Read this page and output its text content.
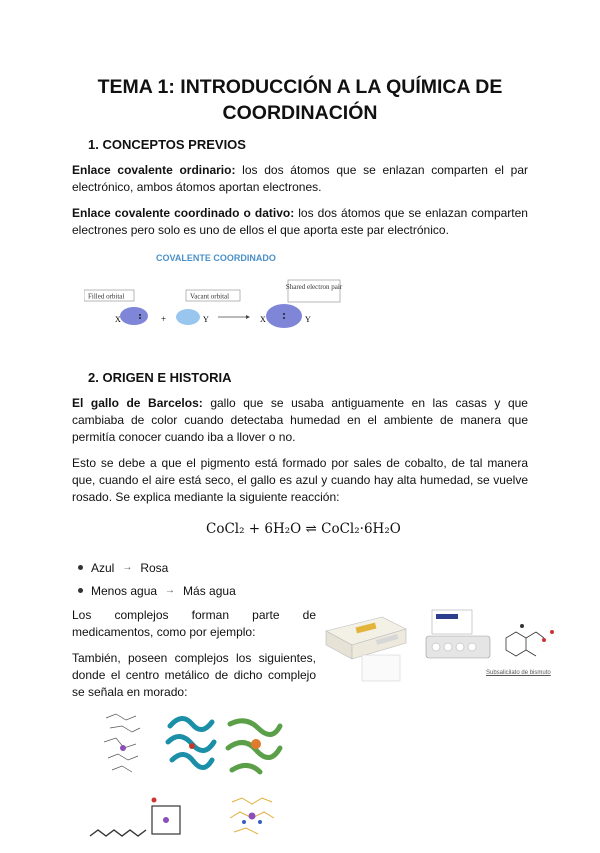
TEMA 1: INTRODUCCIÓN A LA QUÍMICA DE COORDINACIÓN
1. CONCEPTOS PREVIOS
Enlace covalente ordinario: los dos átomos que se enlazan comparten el par electrónico, ambos átomos aportan electrones.
Enlace covalente coordinado o dativo: los dos átomos que se enlazan comparten electrones pero solo es uno de ellos el que aporta este par electrónico.
COVALENTE COORDINADO
Filled orbital	Vacant orbital
Shared electron pair
X	+	Y	X	Y
2. ORIGEN E HISTORIA
El gallo de Barcelos: gallo que se usaba antiguamente en las casas y que cambiaba de color cuando detectaba humedad en el ambiente de manera que permitía conocer cuando iba a llover o no.
Esto se debe a que el pigmento está formado por sales de cobalto, de tal manera que, cuando el aire está seco, el gallo es azul y cuando hay alta humedad, se vuelve rosado. Se explica mediante la siguiente reacción:
CoCl₂ + 6H₂O ⇌ CoCl₂·6H₂O
Azul → Rosa
Menos agua → Más agua
Los complejos forman parte de medicamentos, como por ejemplo:
También, poseen complejos los siguientes, donde el centro metálico de dicho complejo se señala en morado:
Subsalicilato de bismuto
